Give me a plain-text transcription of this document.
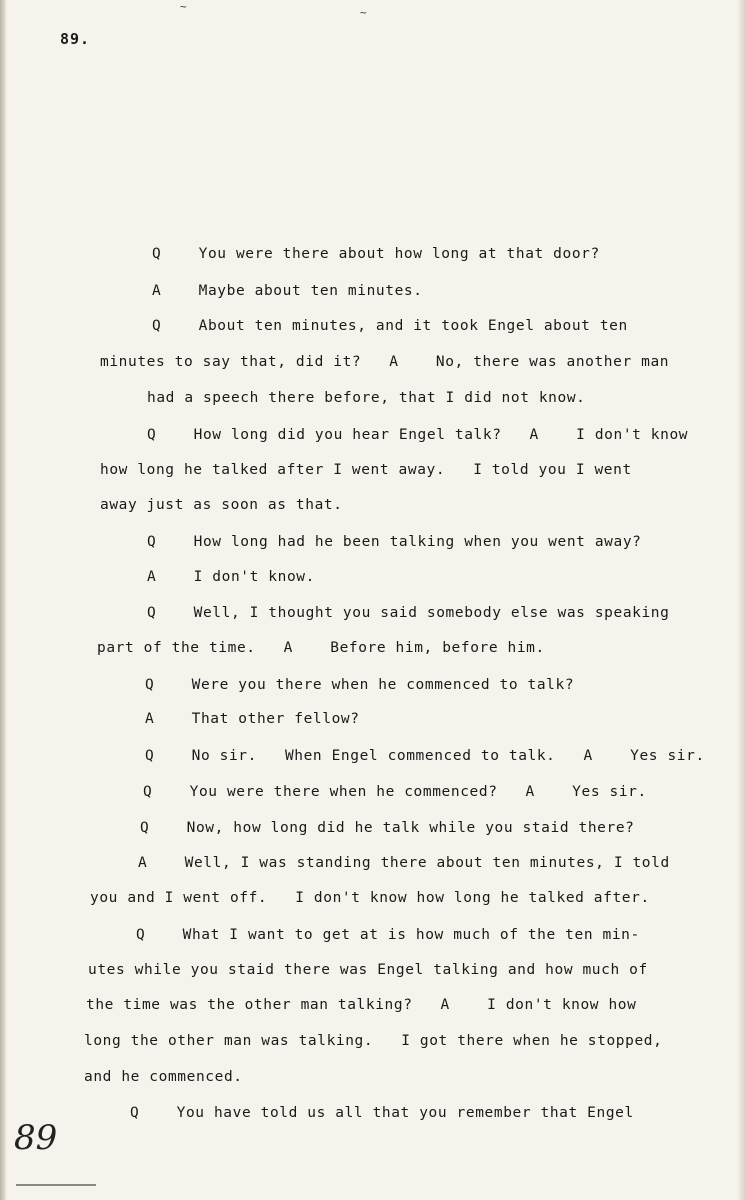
~	~
89.
Q    You were there about how long at that door?
A    Maybe about ten minutes.
Q    About ten minutes, and it took Engel about ten
minutes to say that, did it?   A    No, there was another man
had a speech there before, that I did not know.
Q    How long did you hear Engel talk?   A    I don't know
how long he talked after I went away.   I told you I went
away just as soon as that.
Q    How long had he been talking when you went away?
A    I don't know.
Q    Well, I thought you said somebody else was speaking
part of the time.   A    Before him, before him.
Q    Were you there when he commenced to talk?
A    That other fellow?
Q    No sir.   When Engel commenced to talk.   A    Yes sir.
Q    You were there when he commenced?   A    Yes sir.
Q    Now, how long did he talk while you staid there?
A    Well, I was standing there about ten minutes, I told
you and I went off.   I don't know how long he talked after.
Q    What I want to get at is how much of the ten min-
utes while you staid there was Engel talking and how much of
the time was the other man talking?   A    I don't know how
long the other man was talking.   I got there when he stopped,
and he commenced.
Q    You have told us all that you remember that Engel
89
